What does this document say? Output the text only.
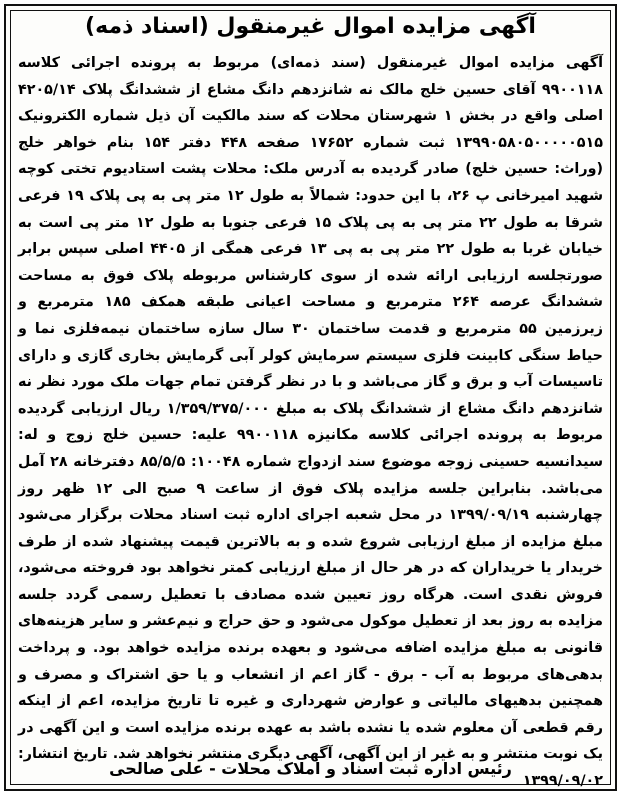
آگهی مزایده اموال غیرمنقول (اسناد ذمه)
آگهی مزایده اموال غیرمنقول (سند ذمه‌ای) مربوط به پرونده اجرائی کلاسه ۹۹۰۰۱۱۸ آقای حسین خلج مالک نه شانزدهم دانگ مشاع از ششدانگ پلاک ۴۲۰۵/۱۴ اصلی واقع در بخش ۱ شهرستان محلات که سند مالکیت آن ذیل شماره الکترونیک ۱۳۹۹۰۵۸۰۵۰۰۰۰۰۵۱۵ ثبت شماره ۱۷۶۵۲ صفحه ۴۴۸ دفتر ۱۵۴ بنام خواهر خلج (وراث: حسین خلج) صادر گردیده به آدرس ملک: محلات پشت استادیوم تختی کوچه شهید امیرخانی پ ۲۶، با این حدود: شمالاً به طول ۱۲ متر پی به پی پلاک ۱۹ فرعی شرقا به طول ۲۲ متر پی به پی پلاک ۱۵ فرعی جنوبا به طول ۱۲ متر پی است به خیابان غربا به طول ۲۲ متر پی به پی ۱۳ فرعی همگی از ۴۴۰۵ اصلی سپس برابر صورتجلسه ارزیابی ارائه شده از سوی کارشناس مربوطه پلاک فوق به مساحت ششدانگ عرصه ۲۶۴ مترمربع و مساحت اعیانی طبقه همکف ۱۸۵ مترمربع و زیرزمین ۵۵ مترمربع و قدمت ساختمان ۳۰ سال سازه ساختمان نیمه‌فلزی نما و حیاط سنگی کابینت فلزی سیستم سرمایش کولر آبی گرمایش بخاری گازی و دارای تاسیسات آب و برق و گاز می‌باشد و با در نظر گرفتن تمام جهات ملک مورد نظر نه شانزدهم دانگ مشاع از ششدانگ پلاک به مبلغ ۱/۳۵۹/۳۷۵/۰۰۰ ریال ارزیابی گردیده مربوط به پرونده اجرائی کلاسه مکانیزه ۹۹۰۰۱۱۸ علیه: حسین خلج زوج و له: سیدانسیه حسینی زوجه موضوع سند ازدواج شماره ۱۰۰۴۸: ۸۵/۵/۵ دفترخانه ۲۸ آمل می‌باشد. بنابراین جلسه مزایده پلاک فوق از ساعت ۹ صبح الی ۱۲ ظهر روز چهارشنبه ۱۳۹۹/۰۹/۱۹ در محل شعبه اجرای اداره ثبت اسناد محلات برگزار می‌شود مبلغ مزایده از مبلغ ارزیابی شروع شده و به بالاترین قیمت پیشنهاد شده از طرف خریدار یا خریداران که در هر حال از مبلغ ارزیابی کمتر نخواهد بود فروخته می‌شود، فروش نقدی است. هرگاه روز تعیین شده مصادف با تعطیل رسمی گردد جلسه مزایده به روز بعد از تعطیل موکول می‌شود و حق حراج و نیم‌عشر و سایر هزینه‌های قانونی به مبلغ مزایده اضافه می‌شود و بعهده برنده مزایده خواهد بود. و پرداخت بدهی‌های مربوط به آب - برق - گاز اعم از انشعاب و یا حق اشتراک و مصرف و همچنین بدهیهای مالیاتی و عوارض شهرداری و غیره تا تاریخ مزایده، اعم از اینکه رقم قطعی آن معلوم شده یا نشده باشد به عهده برنده مزایده است و این آگهی در یک نوبت منتشر و به غیر از این آگهی، آگهی دیگری منتشر نخواهد شد. تاریخ انتشار: ۱۳۹۹/۰۹/۰۲
رئیس اداره ثبت اسناد و املاک محلات - علی صالحی
